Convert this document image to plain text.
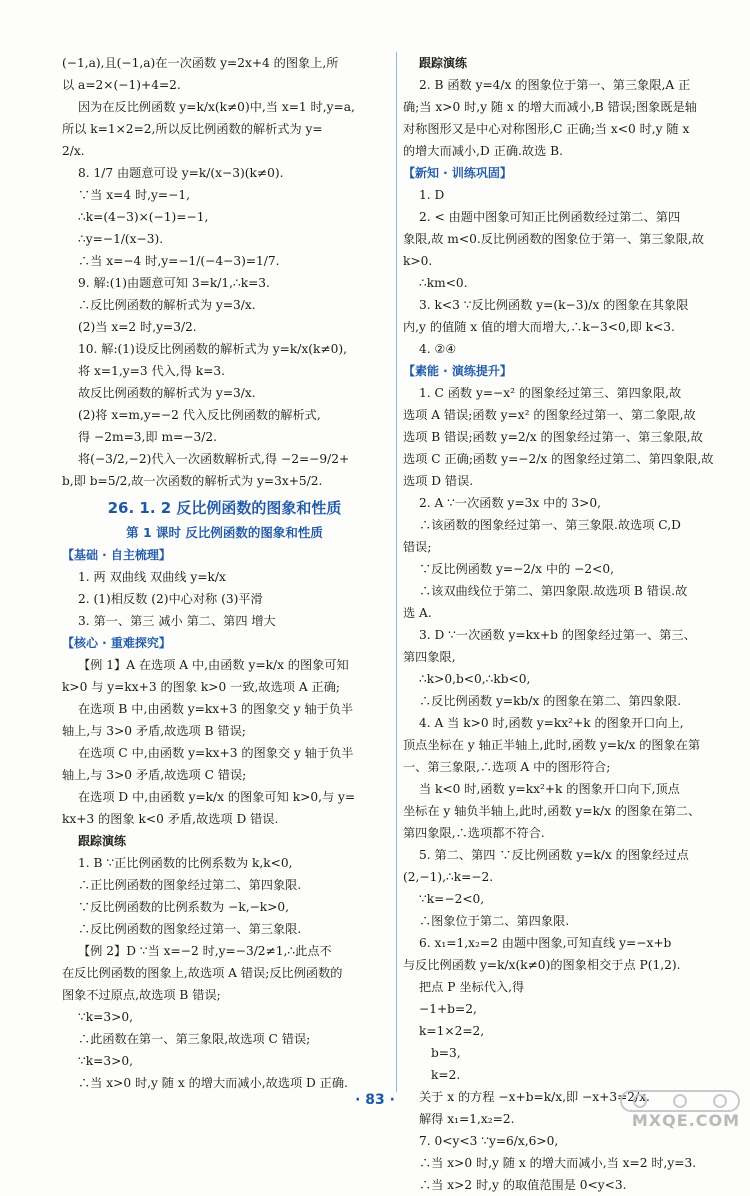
(−1,a),且(−1,a)在一次函数 y=2x+4 的图象上,所
以 a=2×(−1)+4=2.
因为在反比例函数 y=k/x(k≠0)中,当 x=1 时,y=a,
所以 k=1×2=2,所以反比例函数的解析式为 y=
2/x.
8. 1/7 由题意可设 y=k/(x−3)(k≠0).
∵当 x=4 时,y=−1,
∴k=(4−3)×(−1)=−1,
∴y=−1/(x−3).
∴当 x=−4 时,y=−1/(−4−3)=1/7.
9. 解:(1)由题意可知 3=k/1,∴k=3.
∴反比例函数的解析式为 y=3/x.
(2)当 x=2 时,y=3/2.
10. 解:(1)设反比例函数的解析式为 y=k/x(k≠0),
将 x=1,y=3 代入,得 k=3.
故反比例函数的解析式为 y=3/x.
(2)将 x=m,y=−2 代入反比例函数的解析式,
得 −2m=3,即 m=−3/2.
将(−3/2,−2)代入一次函数解析式,得 −2=−9/2+
b,即 b=5/2,故一次函数的解析式为 y=3x+5/2.
26. 1. 2 反比例函数的图象和性质
第 1 课时 反比例函数的图象和性质
【基础 · 自主梳理】
1. 两 双曲线 双曲线 y=k/x
2. (1)相反数 (2)中心对称 (3)平滑
3. 第一、第三 减小 第二、第四 增大
【核心 · 重难探究】
【例 1】A 在选项 A 中,由函数 y=k/x 的图象可知
k>0 与 y=kx+3 的图象 k>0 一致,故选项 A 正确;
在选项 B 中,由函数 y=kx+3 的图象交 y 轴于负半
轴上,与 3>0 矛盾,故选项 B 错误;
在选项 C 中,由函数 y=kx+3 的图象交 y 轴于负半
轴上,与 3>0 矛盾,故选项 C 错误;
在选项 D 中,由函数 y=k/x 的图象可知 k>0,与 y=
kx+3 的图象 k<0 矛盾,故选项 D 错误.
跟踪演练
1. B ∵正比例函数的比例系数为 k,k<0,
∴正比例函数的图象经过第二、第四象限.
∵反比例函数的比例系数为 −k,−k>0,
∴反比例函数的图象经过第一、第三象限.
【例 2】D ∵当 x=−2 时,y=−3/2≠1,∴此点不
在反比例函数的图象上,故选项 A 错误;反比例函数的
图象不过原点,故选项 B 错误;
∵k=3>0,
∴此函数在第一、第三象限,故选项 C 错误;
∵k=3>0,
∴当 x>0 时,y 随 x 的增大而减小,故选项 D 正确.
跟踪演练
2. B 函数 y=4/x 的图象位于第一、第三象限,A 正
确;当 x>0 时,y 随 x 的增大而减小,B 错误;图象既是轴
对称图形又是中心对称图形,C 正确;当 x<0 时,y 随 x
的增大而减小,D 正确.故选 B.
【新知 · 训练巩固】
1. D
2. < 由题中图象可知正比例函数经过第二、第四
象限,故 m<0.反比例函数的图象位于第一、第三象限,故
k>0.
∴km<0.
3. k<3 ∵反比例函数 y=(k−3)/x 的图象在其象限
内,y 的值随 x 值的增大而增大,∴k−3<0,即 k<3.
4. ②④
【素能 · 演练提升】
1. C 函数 y=−x² 的图象经过第三、第四象限,故
选项 A 错误;函数 y=x² 的图象经过第一、第二象限,故
选项 B 错误;函数 y=2/x 的图象经过第一、第三象限,故
选项 C 正确;函数 y=−2/x 的图象经过第二、第四象限,故
选项 D 错误.
2. A ∵一次函数 y=3x 中的 3>0,
∴该函数的图象经过第一、第三象限.故选项 C,D
错误;
∵反比例函数 y=−2/x 中的 −2<0,
∴该双曲线位于第二、第四象限.故选项 B 错误.故
选 A.
3. D ∵一次函数 y=kx+b 的图象经过第一、第三、
第四象限,
∴k>0,b<0,∴kb<0,
∴反比例函数 y=kb/x 的图象在第二、第四象限.
4. A 当 k>0 时,函数 y=kx²+k 的图象开口向上,
顶点坐标在 y 轴正半轴上,此时,函数 y=k/x 的图象在第
一、第三象限,∴选项 A 中的图形符合;
当 k<0 时,函数 y=kx²+k 的图象开口向下,顶点
坐标在 y 轴负半轴上,此时,函数 y=k/x 的图象在第二、
第四象限,∴选项都不符合.
5. 第二、第四 ∵反比例函数 y=k/x 的图象经过点
(2,−1),∴k=−2.
∵k=−2<0,
∴图象位于第二、第四象限.
6. x₁=1,x₂=2 由题中图象,可知直线 y=−x+b
与反比例函数 y=k/x(k≠0)的图象相交于点 P(1,2).
把点 P 坐标代入,得
−1+b=2,
k=1×2=2,
b=3,
k=2.
关于 x 的方程 −x+b=k/x,即 −x+3=2/x.
解得 x₁=1,x₂=2.
7. 0<y<3 ∵y=6/x,6>0,
∴当 x>0 时,y 随 x 的增大而减小,当 x=2 时,y=3.
∴当 x>2 时,y 的取值范围是 0<y<3.
· 83 ·
MXQE.COM
